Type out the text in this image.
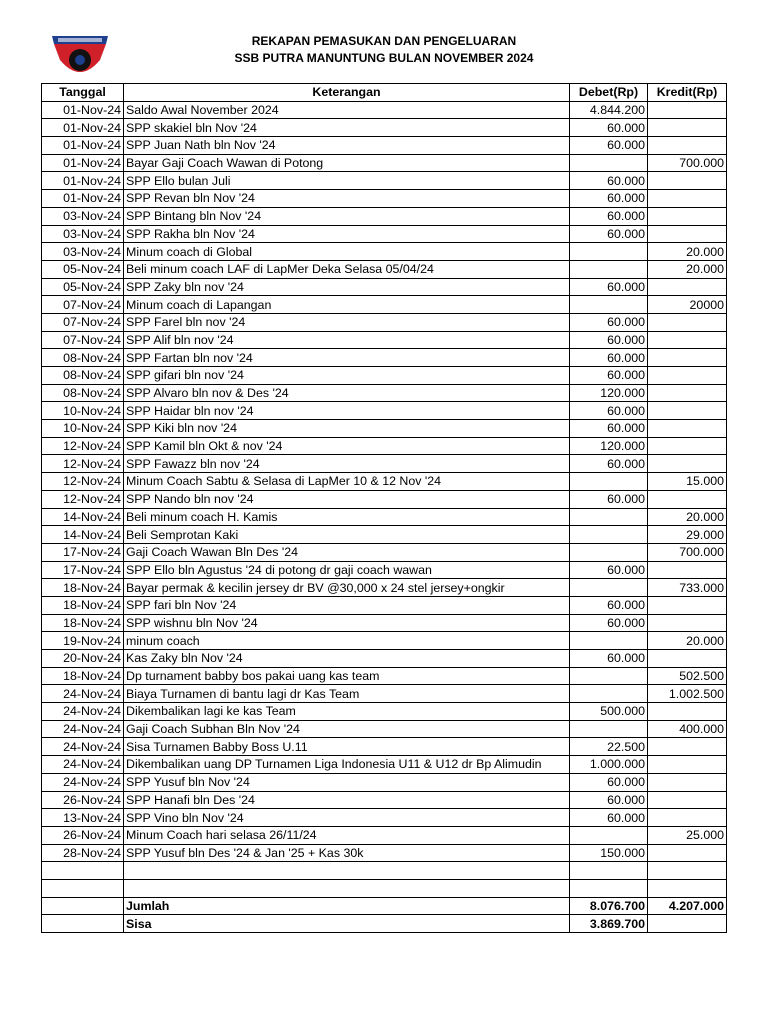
REKAPAN PEMASUKAN DAN PENGELUARAN
SSB PUTRA MANUNTUNG BULAN NOVEMBER 2024
Tanggal	Keterangan	Debet(Rp)	Kredit(Rp)
01-Nov-24	Saldo Awal November 2024	4.844.200	
01-Nov-24	SPP skakiel bln Nov '24	60.000	
01-Nov-24	SPP Juan Nath bln Nov '24	60.000	
01-Nov-24	Bayar Gaji Coach Wawan di Potong		700.000
01-Nov-24	SPP Ello bulan Juli	60.000	
01-Nov-24	SPP Revan bln Nov '24	60.000	
03-Nov-24	SPP Bintang bln Nov '24	60.000	
03-Nov-24	SPP Rakha bln Nov '24	60.000	
03-Nov-24	Minum coach di Global		20.000
05-Nov-24	Beli minum coach LAF di LapMer Deka Selasa 05/04/24		20.000
05-Nov-24	SPP Zaky bln nov '24	60.000	
07-Nov-24	Minum coach di Lapangan		20000
07-Nov-24	SPP Farel bln nov '24	60.000	
07-Nov-24	SPP Alif bln nov '24	60.000	
08-Nov-24	SPP Fartan bln nov '24	60.000	
08-Nov-24	SPP gifari bln nov '24	60.000	
08-Nov-24	SPP Alvaro bln nov & Des '24	120.000	
10-Nov-24	SPP Haidar bln nov '24	60.000	
10-Nov-24	SPP Kiki bln nov '24	60.000	
12-Nov-24	SPP Kamil bln Okt & nov '24	120.000	
12-Nov-24	SPP Fawazz bln nov '24	60.000	
12-Nov-24	Minum Coach Sabtu & Selasa di LapMer 10 & 12 Nov '24		15.000
12-Nov-24	SPP Nando bln nov '24	60.000	
14-Nov-24	Beli minum coach H. Kamis		20.000
14-Nov-24	Beli Semprotan Kaki		29.000
17-Nov-24	Gaji Coach Wawan Bln Des '24		700.000
17-Nov-24	SPP Ello bln Agustus '24 di potong dr gaji coach wawan	60.000	
18-Nov-24	Bayar permak & kecilin jersey dr BV @30,000 x 24 stel jersey+ongkir		733.000
18-Nov-24	SPP fari bln Nov '24	60.000	
18-Nov-24	SPP wishnu bln Nov '24	60.000	
19-Nov-24	minum coach		20.000
20-Nov-24	Kas Zaky bln Nov '24	60.000	
18-Nov-24	Dp turnament babby bos pakai uang kas team		502.500
24-Nov-24	Biaya Turnamen di bantu lagi dr Kas Team		1.002.500
24-Nov-24	Dikembalikan lagi ke kas Team	500.000	
24-Nov-24	Gaji Coach Subhan Bln Nov '24		400.000
24-Nov-24	Sisa Turnamen Babby Boss U.11	22.500	
24-Nov-24	Dikembalikan uang DP Turnamen Liga Indonesia U11 & U12 dr Bp Alimudin	1.000.000	
24-Nov-24	SPP Yusuf bln Nov '24	60.000	
26-Nov-24	SPP Hanafi bln Des '24	60.000	
13-Nov-24	SPP Vino bln Nov '24	60.000	
26-Nov-24	Minum Coach hari selasa 26/11/24		25.000
28-Nov-24	SPP Yusuf bln Des '24 & Jan '25 + Kas 30k	150.000	

	Jumlah	8.076.700	4.207.000
	Sisa	3.869.700	
